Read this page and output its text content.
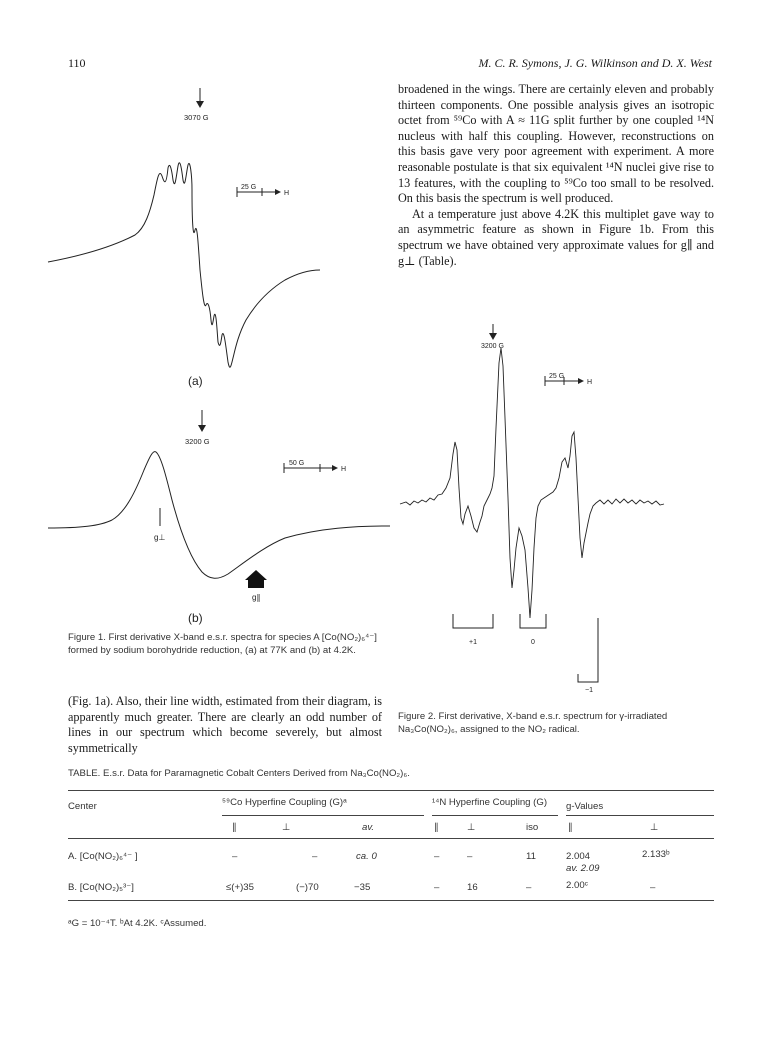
110	M. C. R. Symons, J. G. Wilkinson and D. X. West

broadened in the wings. There are certainly eleven and probably thirteen components. One possible analysis gives an isotropic octet from ⁵⁹Co with A ≈ 11G split further by one coupled ¹⁴N nucleus with half this coupling. However, reconstructions on this basis gave very poor agreement with experiment. A more reasonable postulate is that six equivalent ¹⁴N nuclei give rise to 13 features, with the coupling to ⁵⁹Co too small to be resolved. On this basis the spectrum is well produced.

At a temperature just above 4.2K this multiplet gave way to an asymmetric feature as shown in Figure 1b. From this spectrum we have obtained very approximate values for g∥ and g⊥ (Table).

3070 G
25 G
H
(a)
3200 G
50 G
H
g⊥
g∥
(b)
Figure 1. First derivative X-band e.s.r. spectra for species A [Co(NO₂)₆⁴⁻] formed by sodium borohydride reduction, (a) at 77K and (b) at 4.2K.
3200 G
25 G
H
+1	0
−1
Figure 2. First derivative, X-band e.s.r. spectrum for γ-irradiated Na₃Co(NO₂)₆, assigned to the NO₂ radical.
(Fig. 1a). Also, their line width, estimated from their diagram, is apparently much greater. There are clearly an odd number of lines in our spectrum which become severely, but almost symmetrically
TABLE. E.s.r. Data for Paramagnetic Cobalt Centers Derived from Na₃Co(NO₂)₆.
Center	⁵⁹Co Hyperfine Coupling (G)ᵃ	¹⁴N Hyperfine Coupling (G) g-Values
∥	⊥	av.	∥	⊥	iso	∥	⊥
A. [Co(NO₂)₆⁴⁻ ]	–	–	ca. 0	–	–	11	2.004	2.133ᵇ
av. 2.09
B. [Co(NO₂)₅³⁻]	≤(+)35	(−)70	−35	–	16	–	2.00ᶜ	–
ᵃG = 10⁻⁴T. ᵇAt 4.2K. ᶜAssumed.
